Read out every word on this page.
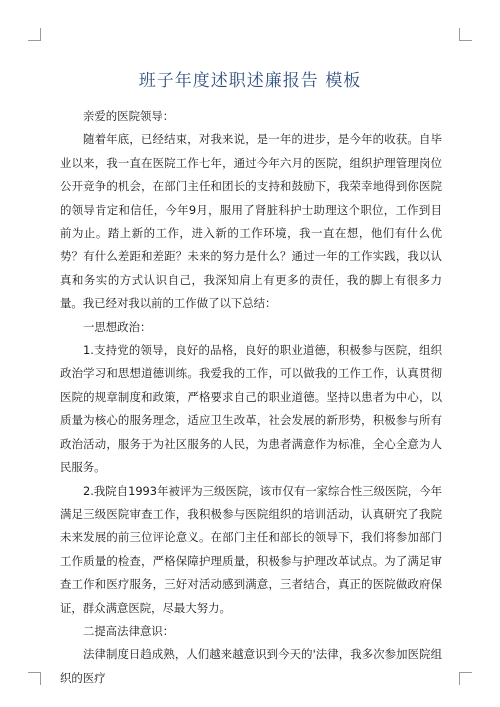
班子年度述职述廉报告 模板

亲爱的医院领导：

随着年底，已经结束，对我来说，是一年的进步，是今年的收获。自毕业以来，我一直在医院工作七年，通过今年六月的医院，组织护理管理岗位公开竞争的机会，在部门主任和团长的支持和鼓励下，我荣幸地得到你医院的领导肯定和信任，今年9月，服用了肾脏科护士助理这个职位，工作到目前为止。踏上新的工作，进入新的工作环境，我一直在想，他们有什么优势？有什么差距和差距？未来的努力是什么？通过一年的工作实践，我以认真和务实的方式认识自己，我深知肩上有更多的责任，我的脚上有很多力量。我已经对我以前的工作做了以下总结：

一思想政治：

1.支持党的领导，良好的品格，良好的职业道德，积极参与医院，组织政治学习和思想道德训练。我爱我的工作，可以做我的工作工作，认真贯彻医院的规章制度和政策，严格要求自己的职业道德。坚持以患者为中心，以质量为核心的服务理念，适应卫生改革，社会发展的新形势，积极参与所有政治活动，服务于为社区服务的人民，为患者满意作为标准，全心全意为人民服务。

2.我院自1993年被评为三级医院，该市仅有一家综合性三级医院，今年满足三级医院审查工作，我积极参与医院组织的培训活动，认真研究了我院未来发展的前三位评论意义。在部门主任和部长的领导下，我们将参加部门工作质量的检查，严格保障护理质量，积极参与护理改革试点。为了满足审查工作和医疗服务，三好对活动感到满意，三者结合，真正的医院做政府保证，群众满意医院，尽最大努力。

二提高法律意识：

法律制度日趋成熟，人们越来越意识到今天的'法律，我多次参加医院组织的医疗
